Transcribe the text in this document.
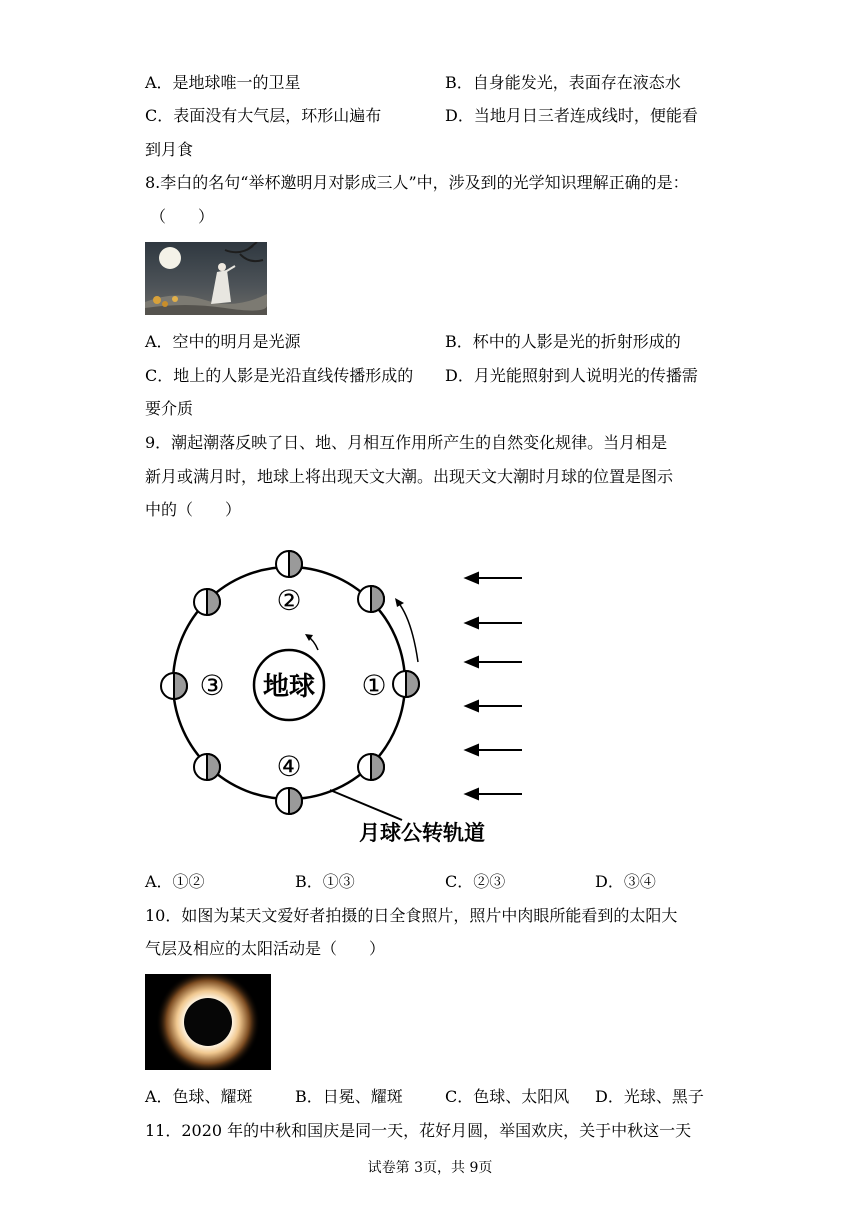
A．是地球唯一的卫星	B．自身能发光，表面存在液态水
C．表面没有大气层，环形山遍布	D．当地月日三者连成线时，便能看
到月食
8.李白的名句“举杯邀明月对影成三人”中，涉及到的光学知识理解正确的是：
（　　）
A．空中的明月是光源	B．杯中的人影是光的折射形成的
C．地上的人影是光沿直线传播形成的 D．月光能照射到人说明光的传播需
要介质
9．潮起潮落反映了日、地、月相互作用所产生的自然变化规律。当月相是
新月或满月时，地球上将出现天文大潮。出现天文大潮时月球的位置是图示
中的（　　）
地球 ①
②
③
④
月球公转轨道
A．①②	B．①③	C．②③	D．③④
10．如图为某天文爱好者拍摄的日全食照片，照片中肉眼所能看到的太阳大
气层及相应的太阳活动是（　　）
A．色球、耀斑	B．日冕、耀斑	C．色球、太阳风 D．光球、黑子
11．2020 年的中秋和国庆是同一天，花好月圆，举国欢庆，关于中秋这一天
试卷第 3页，共 9页
